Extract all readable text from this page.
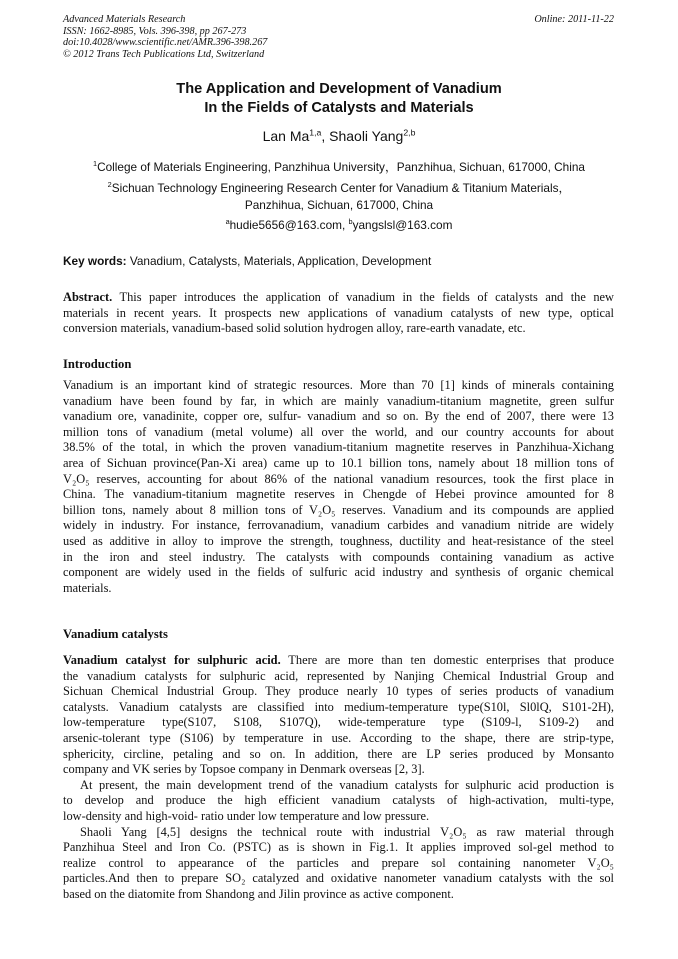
Advanced Materials Research
ISSN: 1662-8985, Vols. 396-398, pp 267-273
doi:10.4028/www.scientific.net/AMR.396-398.267
© 2012 Trans Tech Publications Ltd, Switzerland
Online: 2011-11-22
The Application and Development of Vanadium
In the Fields of Catalysts and Materials
Lan Ma$^{1,a}$, Shaoli Yang$^{2,b}$
$^1$College of Materials Engineering, Panzhihua University，Panzhihua, Sichuan, 617000, China
$^2$Sichuan Technology Engineering Research Center for Vanadium & Titanium Materials，
Panzhihua, Sichuan, 617000, China
$^a$hudie5656@163.com, $^b$yangslsl@163.com
Key words: Vanadium, Catalysts, Materials, Application, Development
Abstract. This paper introduces the application of vanadium in the fields of catalysts and the new
materials in recent years. It prospects new applications of vanadium catalysts of new type, optical
conversion materials, vanadium-based solid solution hydrogen alloy, rare-earth vanadate, etc.
Introduction
Vanadium is an important kind of strategic resources. More than 70 [1] kinds of minerals containing
vanadium have been found by far, in which are mainly vanadium-titanium magnetite, green sulfur
vanadium ore, vanadinite, copper ore, sulfur- vanadium and so on. By the end of 2007, there were 13
million tons of vanadium (metal volume) all over the world, and our country accounts for about
38.5% of the total, in which the proven vanadium-titanium magnetite reserves in Panzhihua-Xichang
area of Sichuan province(Pan-Xi area) came up to 10.1 billion tons, namely about 18 million tons of
V₂O₅ reserves, accounting for about 86% of the national vanadium resources, took the first place in
China. The vanadium-titanium magnetite reserves in Chengde of Hebei province amounted for 8
billion tons, namely about 8 million tons of V₂O₅ reserves. Vanadium and its compounds are applied
widely in industry. For instance, ferrovanadium, vanadium carbides and vanadium nitride are widely
used as additive in alloy to improve the strength, toughness, ductility and heat-resistance of the steel
in the iron and steel industry. The catalysts with compounds containing vanadium as active
component are widely used in the fields of sulfuric acid industry and synthesis of organic chemical
materials.
Vanadium catalysts
Vanadium catalyst for sulphuric acid. There are more than ten domestic enterprises that produce
the vanadium catalysts for sulphuric acid, represented by Nanjing Chemical Industrial Group and
Sichuan Chemical Industrial Group. They produce nearly 10 types of series products of vanadium
catalysts. Vanadium catalysts are classified into medium-temperature type(S10l, Sl0lQ, S101-2H),
low-temperature type(S107, S108, S107Q), wide-temperature type (S109-l, S109-2) and
arsenic-tolerant type (S106) by temperature in use. According to the shape, there are strip-type,
sphericity, circline, petaling and so on. In addition, there are LP series produced by Monsanto
company and VK series by Topsoe company in Denmark overseas [2, 3].
At present, the main development trend of the vanadium catalysts for sulphuric acid production is
to develop and produce the high efficient vanadium catalysts of high-activation, multi-type,
low-density and high-void- ratio under low temperature and low pressure.
Shaoli Yang [4,5] designs the technical route with industrial V₂O₅ as raw material through
Panzhihua Steel and Iron Co. (PSTC) as is shown in Fig.1. It applies improved sol-gel method to
realize control to appearance of the particles and prepare sol containing nanometer V₂O₅
particles.And then to prepare SO₂ catalyzed and oxidative nanometer vanadium catalysts with the sol
based on the diatomite from Shandong and Jilin province as active component.
